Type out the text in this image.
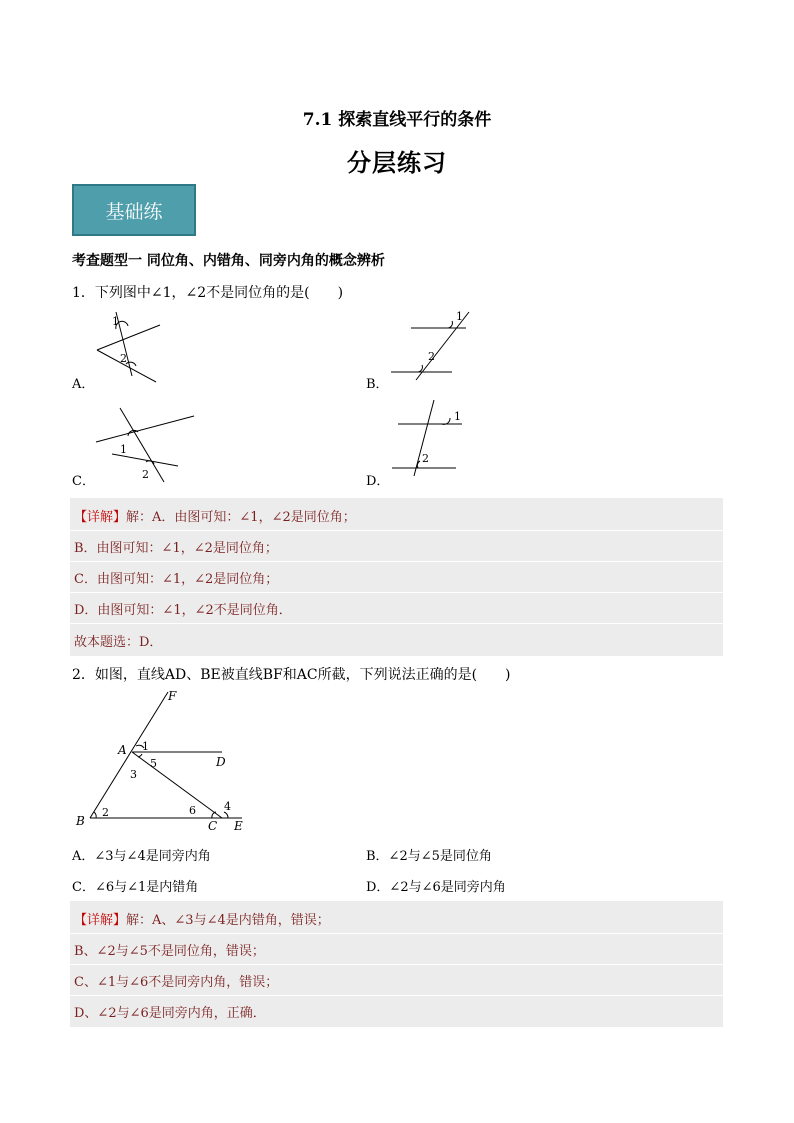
7.1 探索直线平行的条件
分层练习
基础练
考查题型一 同位角、内错角、同旁内角的概念辨析
1．下列图中∠1，∠2不是同位角的是(　　)
1
2
A．
1
2
B．
1
2
C．
1
2
D．
【详解】解：A．由图可知：∠1，∠2是同位角；
B．由图可知：∠1，∠2是同位角；
C．由图可知：∠1，∠2是同位角；
D．由图可知：∠1，∠2不是同位角．
故本题选：D．
2．如图，直线AD、BE被直线BF和AC所截，下列说法正确的是(　　)
F
A
D
B	C E
1
2
3
4
5
6
A．∠3与∠4是同旁内角	B．∠2与∠5是同位角
C．∠6与∠1是内错角	D．∠2与∠6是同旁内角
【详解】解：A、∠3与∠4是内错角，错误；
B、∠2与∠5不是同位角，错误；
C、∠1与∠6不是同旁内角，错误；
D、∠2与∠6是同旁内角，正确．
